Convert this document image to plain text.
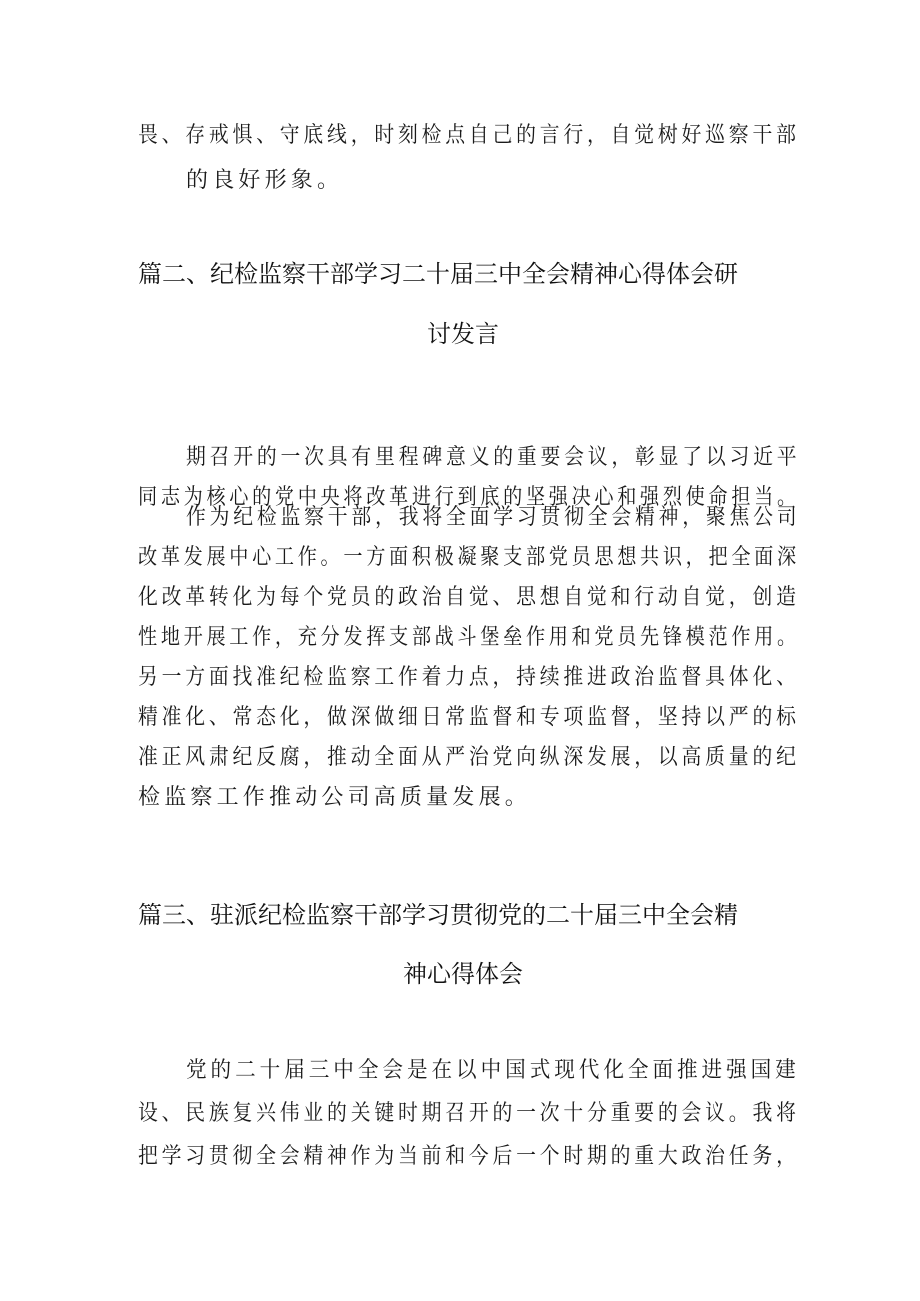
畏、存戒惧、守底线，时刻检点自己的言行，自觉树好巡察干部
的良好形象。
篇二、纪检监察干部学习二十届三中全会精神心得体会研
讨发言
期召开的一次具有里程碑意义的重要会议，彰显了以习近平
同志为核心的党中央将改革进行到底的坚强决心和强烈使命担当。
作为纪检监察干部，我将全面学习贯彻全会精神，聚焦公司
改革发展中心工作。一方面积极凝聚支部党员思想共识，把全面深
化改革转化为每个党员的政治自觉、思想自觉和行动自觉，创造
性地开展工作，充分发挥支部战斗堡垒作用和党员先锋模范作用。
另一方面找准纪检监察工作着力点，持续推进政治监督具体化、
精准化、常态化，做深做细日常监督和专项监督，坚持以严的标
准正风肃纪反腐，推动全面从严治党向纵深发展，以高质量的纪
检监察工作推动公司高质量发展。
篇三、驻派纪检监察干部学习贯彻党的二十届三中全会精
神心得体会
党的二十届三中全会是在以中国式现代化全面推进强国建
设、民族复兴伟业的关键时期召开的一次十分重要的会议。我将
把学习贯彻全会精神作为当前和今后一个时期的重大政治任务，
